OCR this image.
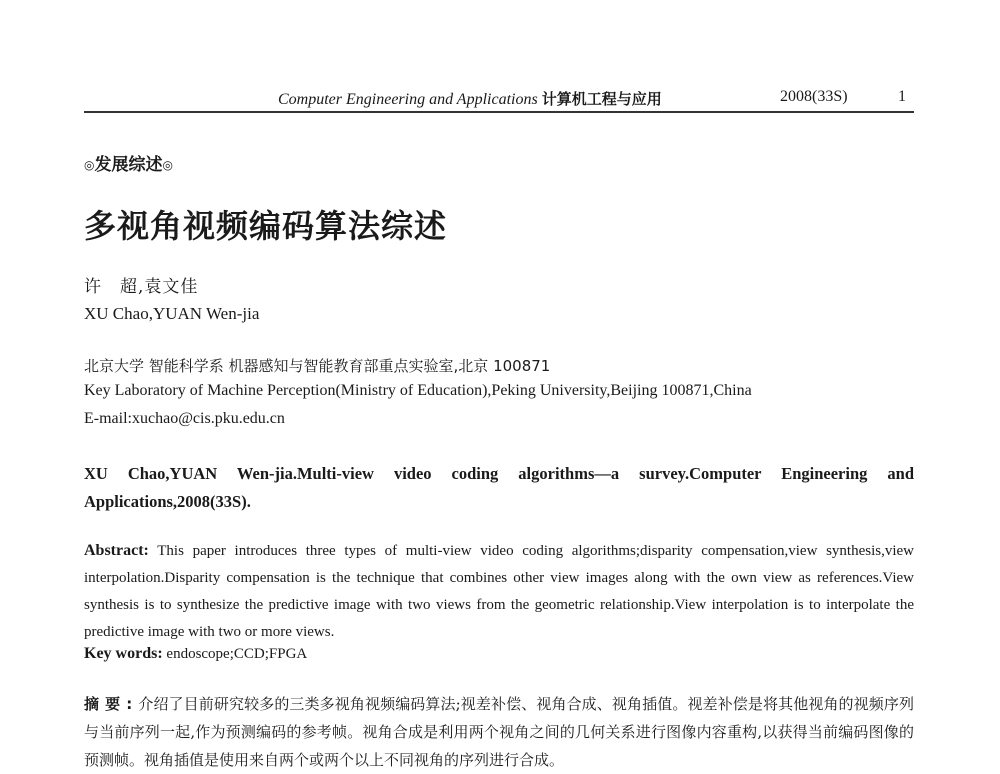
Computer Engineering and Applications 计算机工程与应用	2008(33S)	1
◎发展综述◎
多视角视频编码算法综述
许　超,袁文佳
XU Chao,YUAN Wen-jia
北京大学 智能科学系 机器感知与智能教育部重点实验室,北京 100871
Key Laboratory of Machine Perception(Ministry of Education),Peking University,Beijing 100871,China
E-mail:xuchao@cis.pku.edu.cn
XU Chao,YUAN Wen-jia.Multi-view video coding algorithms—a survey.Computer Engineering and Applications,2008(33S).
Abstract: This paper introduces three types of multi-view video coding algorithms;disparity compensation,view synthesis,view interpolation.Disparity compensation is the technique that combines other view images along with the own view as references.View synthesis is to synthesize the predictive image with two views from the geometric relationship.View interpolation is to interpolate the predictive image with two or more views.
Key words: endoscope;CCD;FPGA
摘要:介绍了目前研究较多的三类多视角视频编码算法;视差补偿、视角合成、视角插值。视差补偿是将其他视角的视频序列与当前序列一起,作为预测编码的参考帧。视角合成是利用两个视角之间的几何关系进行图像内容重构,以获得当前编码图像的预测帧。视角插值是使用来自两个或两个以上不同视角的序列进行合成。
